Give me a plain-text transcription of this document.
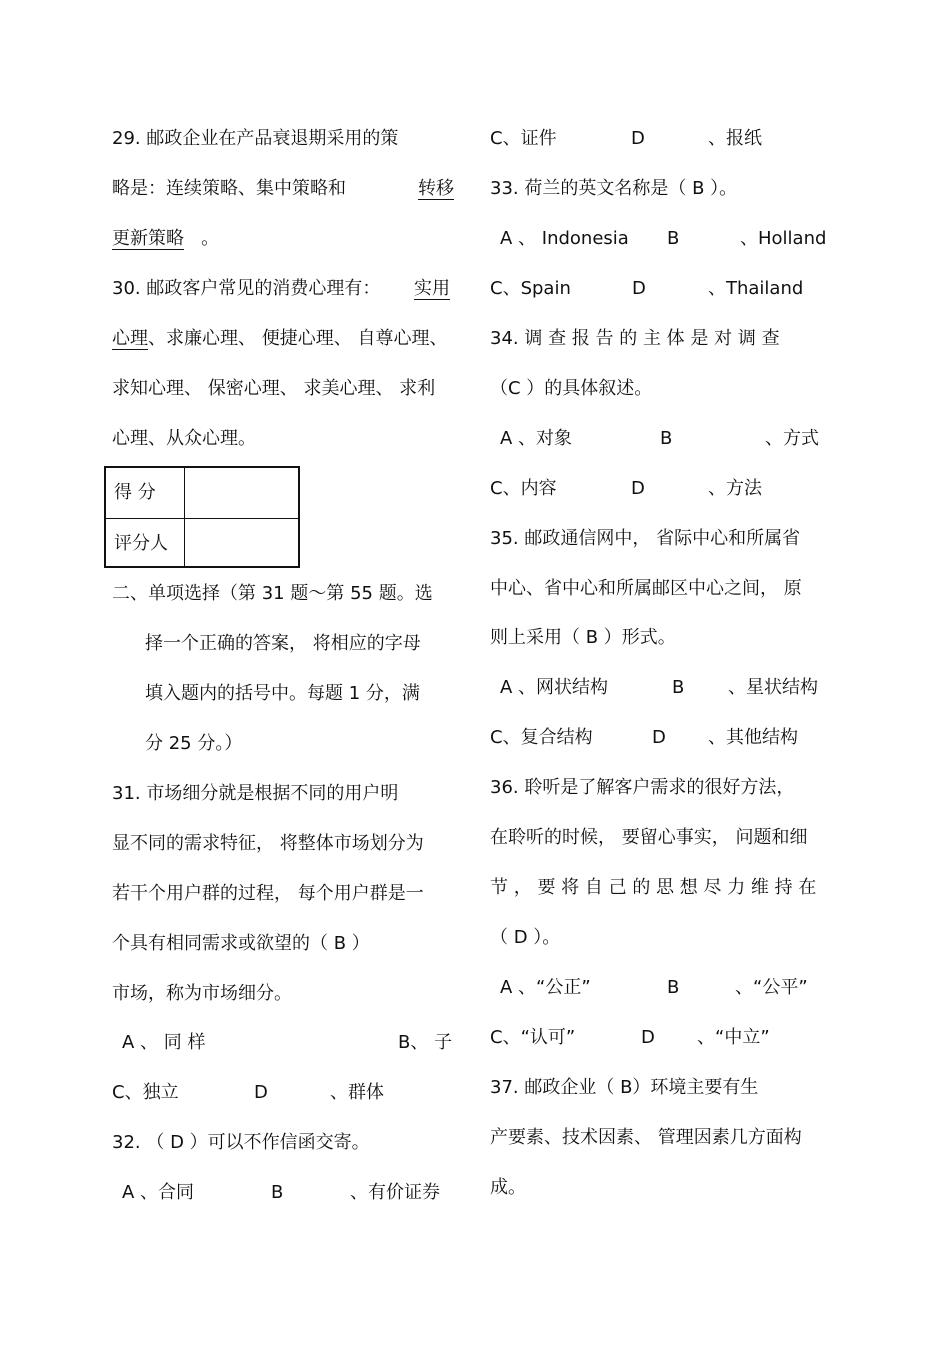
29. 邮政企业在产品衰退期采用的策
略是：连续策略、集中策略和	转移
更新策略 。
30. 邮政客户常见的消费心理有： 实用
心理、求廉心理、 便捷心理、 自尊心理、
求知心理、 保密心理、 求美心理、 求利
心理、从众心理。
得 分
评分人
二、单项选择（第 31 题～第 55 题。选
择一个正确的答案， 将相应的字母
填入题内的括号中。每题 1 分，满
分 25 分。）
31. 市场细分就是根据不同的用户明
显不同的需求特征， 将整体市场划分为
若干个用户群的过程， 每个用户群是一
个具有相同需求或欲望的（ B ）
市场，称为市场细分。
A 、 同 样	B、 子
C、独立	D	、群体
32. （ D ）可以不作信函交寄。
A 、合同	B	、有价证券
C、证件	D	、报纸
33. 荷兰的英文名称是（ B ）。
A 、 Indonesia B	、Holland
C、Spain	D	、Thailand
34. 调 查 报 告 的 主 体 是 对 调 查
（C ）的具体叙述。
A 、对象	B	、方式
C、内容	D	、方法
35. 邮政通信网中， 省际中心和所属省
中心、省中心和所属邮区中心之间， 原
则上采用（ B ）形式。
A 、网状结构	B 、星状结构
C、复合结构	D 、其他结构
36. 聆听是了解客户需求的很好方法，
在聆听的时候， 要留心事实， 问题和细
节 ， 要 将 自 己 的 思 想 尽 力 维 持 在
（ D ）。
A 、“公正”	B	、“公平”
C、“认可”	D 、“中立”
37. 邮政企业（ B）环境主要有生
产要素、技术因素、 管理因素几方面构
成。
